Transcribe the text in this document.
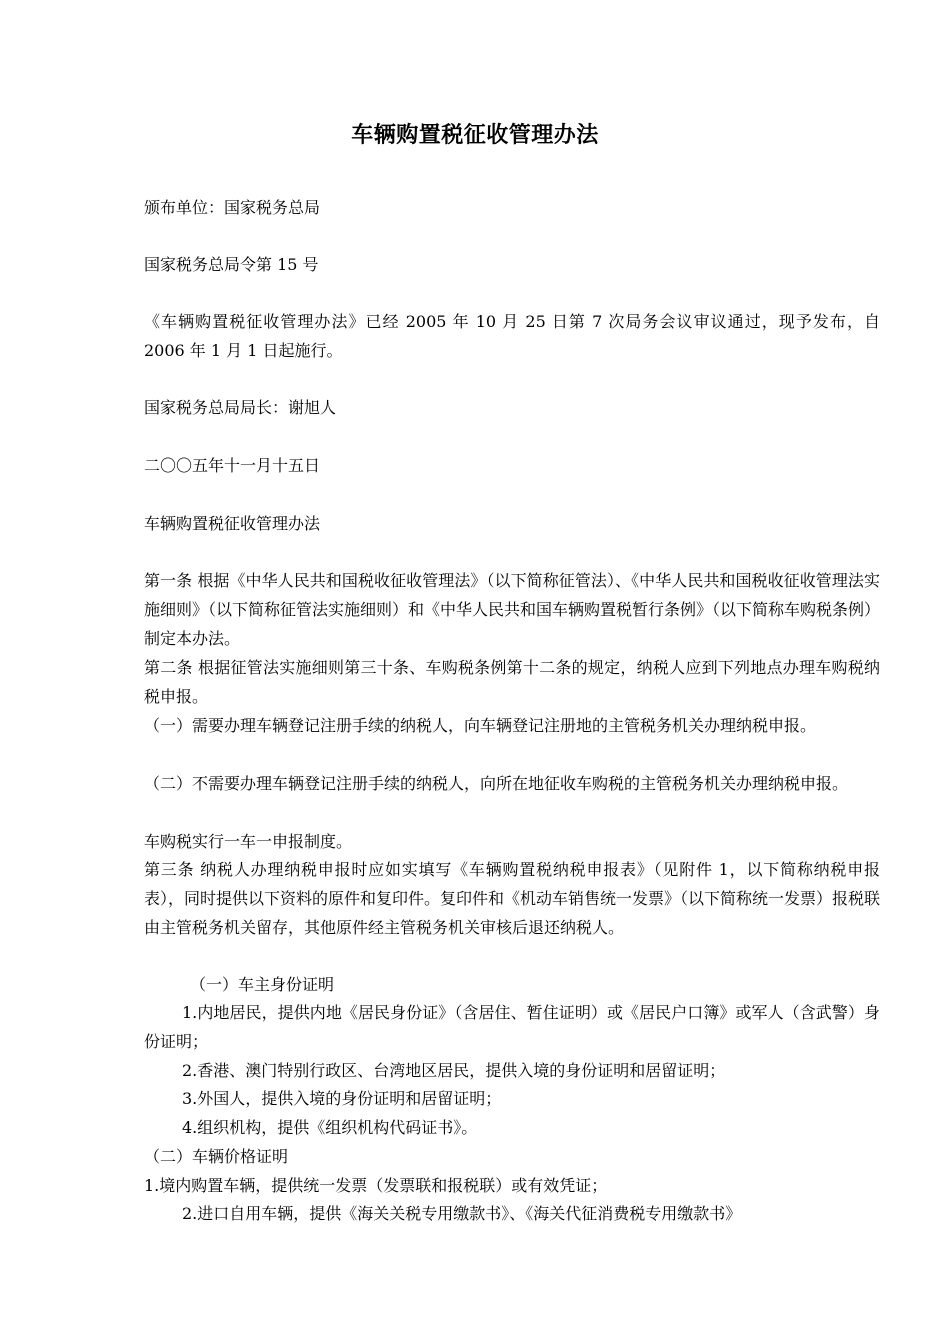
车辆购置税征收管理办法
颁布单位：国家税务总局
国家税务总局令第 15 号
《车辆购置税征收管理办法》已经 2005 年 10 月 25 日第 7 次局务会议审议通过，现予发布，自 2006 年 1 月 1 日起施行。
国家税务总局局长：谢旭人
二〇〇五年十一月十五日
车辆购置税征收管理办法
第一条 根据《中华人民共和国税收征收管理法》（以下简称征管法）、《中华人民共和国税收征收管理法实施细则》（以下简称征管法实施细则）和《中华人民共和国车辆购置税暂行条例》（以下简称车购税条例）制定本办法。
第二条 根据征管法实施细则第三十条、车购税条例第十二条的规定，纳税人应到下列地点办理车购税纳税申报。
（一）需要办理车辆登记注册手续的纳税人，向车辆登记注册地的主管税务机关办理纳税申报。
（二）不需要办理车辆登记注册手续的纳税人，向所在地征收车购税的主管税务机关办理纳税申报。
车购税实行一车一申报制度。
第三条 纳税人办理纳税申报时应如实填写《车辆购置税纳税申报表》（见附件 1，以下简称纳税申报表），同时提供以下资料的原件和复印件。复印件和《机动车销售统一发票》（以下简称统一发票）报税联由主管税务机关留存，其他原件经主管税务机关审核后退还纳税人。
（一）车主身份证明
1.内地居民，提供内地《居民身份证》（含居住、暂住证明）或《居民户口簿》或军人（含武警）身份证明；
2.香港、澳门特别行政区、台湾地区居民，提供入境的身份证明和居留证明；
3.外国人，提供入境的身份证明和居留证明；
4.组织机构，提供《组织机构代码证书》。
（二）车辆价格证明
1.境内购置车辆，提供统一发票（发票联和报税联）或有效凭证；
2.进口自用车辆，提供《海关关税专用缴款书》、《海关代征消费税专用缴款书》
